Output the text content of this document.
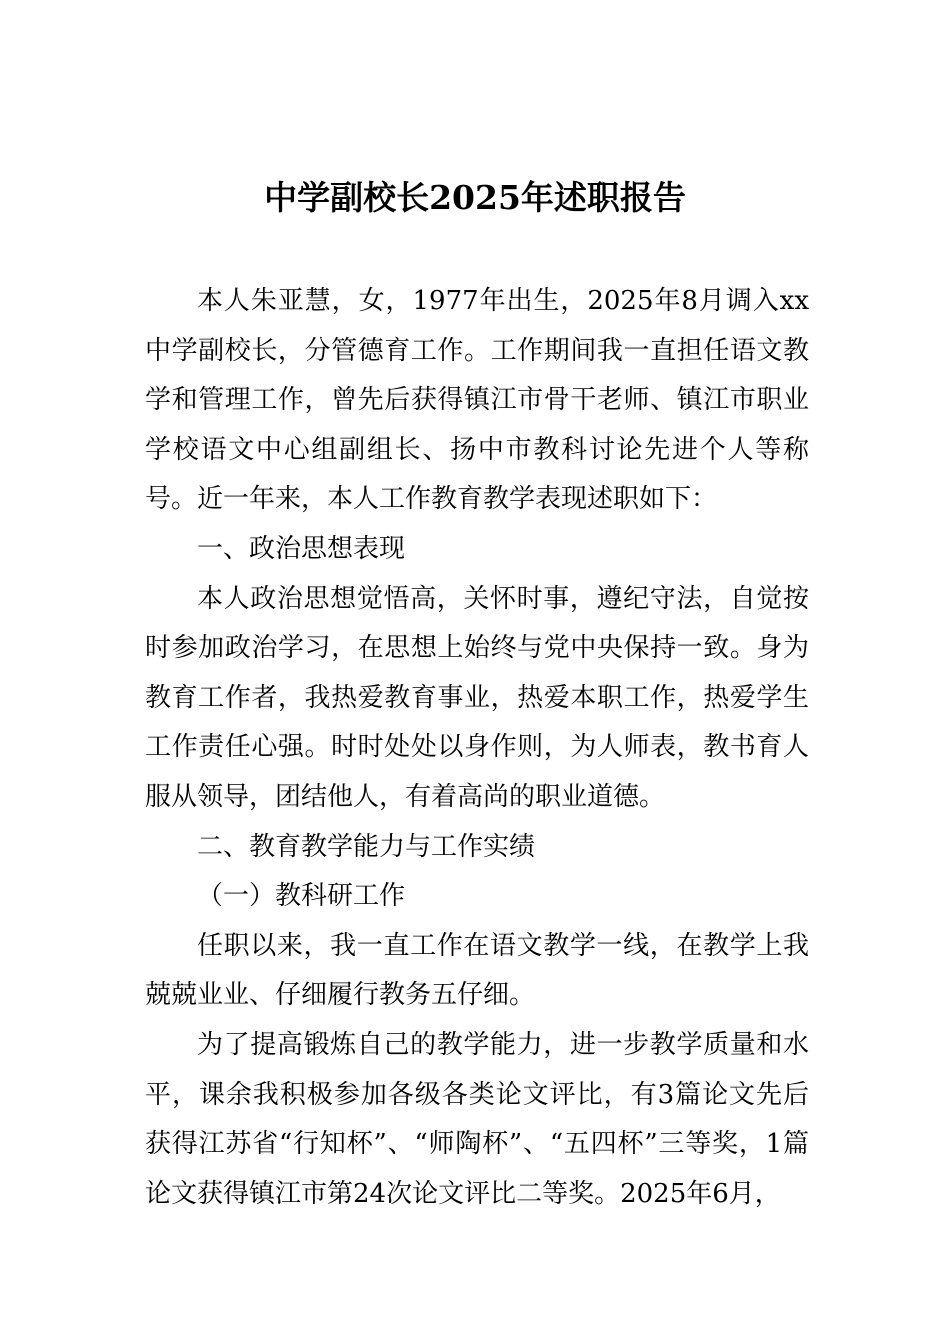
中学副校长2025年述职报告

本人朱亚慧，女，1977年出生，2025年8月调入xx中学副校长，分管德育工作。工作期间我一直担任语文教学和管理工作，曾先后获得镇江市骨干老师、镇江市职业学校语文中心组副组长、扬中市教科讨论先进个人等称号。近一年来，本人工作教育教学表现述职如下：

一、政治思想表现

本人政治思想觉悟高，关怀时事，遵纪守法，自觉按时参加政治学习，在思想上始终与党中央保持一致。身为教育工作者，我热爱教育事业，热爱本职工作，热爱学生工作责任心强。时时处处以身作则，为人师表，教书育人服从领导，团结他人，有着高尚的职业道德。

二、教育教学能力与工作实绩

（一）教科研工作

任职以来，我一直工作在语文教学一线，在教学上我兢兢业业、仔细履行教务五仔细。

为了提高锻炼自己的教学能力，进一步教学质量和水平，课余我积极参加各级各类论文评比，有3篇论文先后获得江苏省“行知杯”、“师陶杯”、“五四杯”三等奖，1篇论文获得镇江市第24次论文评比二等奖。2025年6月，
